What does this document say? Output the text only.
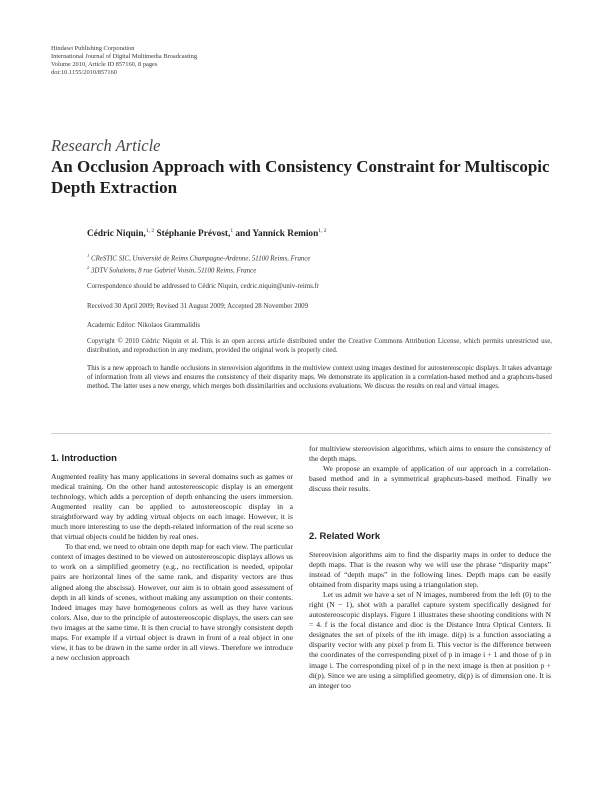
Hindawi Publishing Corporation
International Journal of Digital Multimedia Broadcasting
Volume 2010, Article ID 857160, 8 pages
doi:10.1155/2010/857160
Research Article
An Occlusion Approach with Consistency Constraint for Multiscopic Depth Extraction
Cédric Niquin,$^{1, 2}$ Stéphanie Prévost,$^1$ and Yannick Remion$^{1, 2}$
$^1$ CReSTIC SIC, Université de Reims Champagne-Ardenne, 51100 Reims, France
$^2$ 3DTV Solutions, 8 rue Gabriel Voisin, 51100 Reims, France
Correspondence should be addressed to Cédric Niquin, cedric.niquin@univ-reims.fr
Received 30 April 2009; Revised 31 August 2009; Accepted 28 November 2009
Academic Editor: Nikolaos Grammalidis
Copyright © 2010 Cédric Niquin et al. This is an open access article distributed under the Creative Commons Attribution License, which permits unrestricted use, distribution, and reproduction in any medium, provided the original work is properly cited.
This is a new approach to handle occlusions in stereovision algorithms in the multiview context using images destined for autostereoscopic displays. It takes advantage of information from all views and ensures the consistency of their disparity maps. We demonstrate its application in a correlation-based method and a graphcuts-based method. The latter uses a new energy, which merges both dissimilarities and occlusions evaluations. We discuss the results on real and virtual images.
1. Introduction

Augmented reality has many applications in several domains such as games or medical training. On the other hand autostereoscopic display is an emergent technology, which adds a perception of depth enhancing the users immersion. Augmented reality can be applied to autostereoscopic display in a straightforward way by adding virtual objects on each image. However, it is much more interesting to use the depth-related information of the real scene so that virtual objects could be hidden by real ones.

To that end, we need to obtain one depth map for each view. The particular context of images destined to be viewed on autostereoscopic displays allows us to work on a simplified geometry (e.g., no rectification is needed, epipolar pairs are horizontal lines of the same rank, and disparity vectors are thus aligned along the abscissa). However, our aim is to obtain good assessment of depth in all kinds of scenes, without making any assumption on their contents. Indeed images may have homogeneous colors as well as they have various colors. Also, due to the principle of autostereoscopic displays, the users can see two images at the same time. It is then crucial to have strongly consistent depth maps. For example if a virtual object is drawn in front of a real object in one view, it has to be drawn in the same order in all views. Therefore we introduce a new occlusion approach

for multiview stereovision algorithms, which aims to ensure the consistency of the depth maps.

We propose an example of application of our approach in a correlation-based method and in a symmetrical graphcuts-based method. Finally we discuss their results.

2. Related Work

Stereovision algorithms aim to find the disparity maps in order to deduce the depth maps. That is the reason why we will use the phrase “disparity maps” instead of “depth maps” in the following lines. Depth maps can be easily obtained from disparity maps using a triangulation step.

Let us admit we have a set of N images, numbered from the left (0) to the right (N − 1), shot with a parallel capture system specifically designed for autostereoscopic displays. Figure 1 illustrates these shooting conditions with N = 4. f is the focal distance and dioc is the Distance Intra Optical Centers. Ii designates the set of pixels of the ith image. di(p) is a function associating a disparity vector with any pixel p from Ii. This vector is the difference between the coordinates of the corresponding pixel of p in image i + 1 and those of p in image i. The corresponding pixel of p in the next image is then at position p + di(p). Since we are using a simplified geometry, di(p) is of dimension one. It is an integer too
